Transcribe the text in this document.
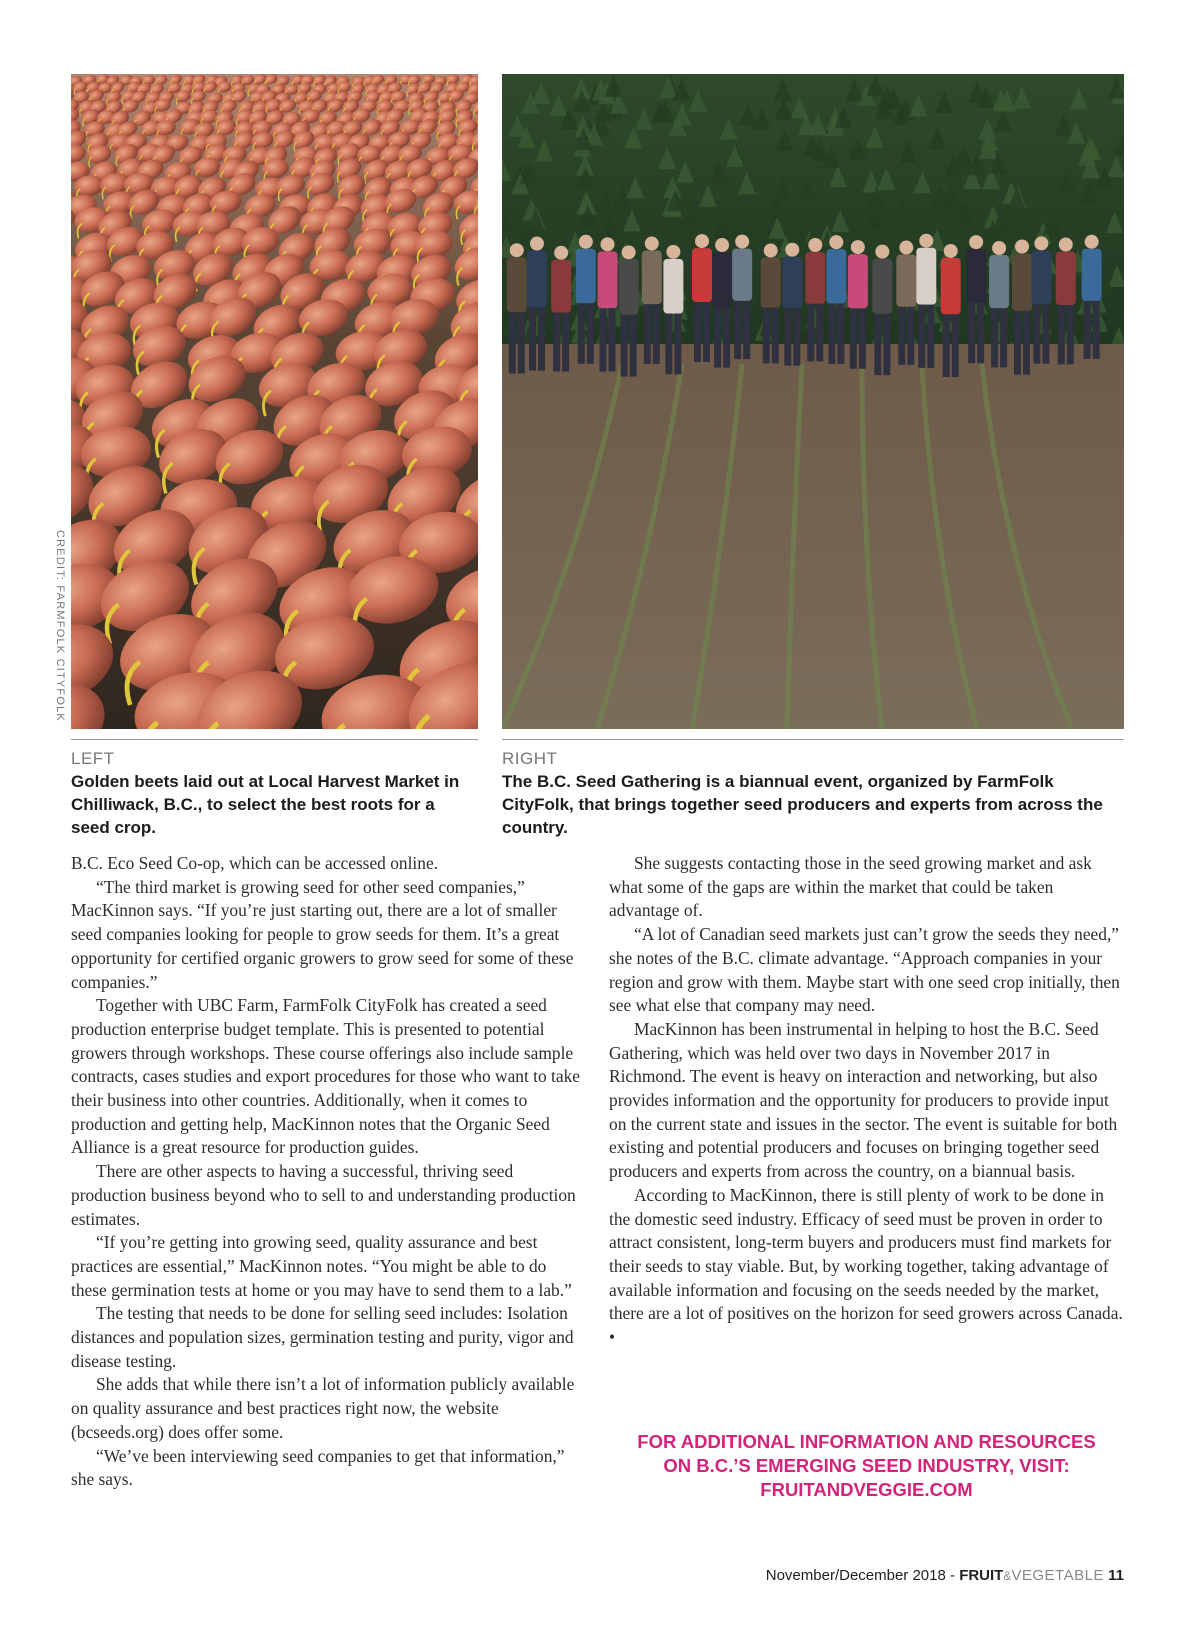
CREDIT: FARMFOLK CITYFOLK
LEFT
Golden beets laid out at Local Harvest Market in Chilliwack, B.C., to select the best roots for a seed crop.
RIGHT
The B.C. Seed Gathering is a biannual event, organized by FarmFolk CityFolk, that brings together seed producers and experts from across the country.

B.C. Eco Seed Co-op, which can be accessed online.

“The third market is growing seed for other seed companies,” MacKinnon says. “If you’re just starting out, there are a lot of smaller seed companies looking for people to grow seeds for them. It’s a great opportunity for certified organic growers to grow seed for some of these companies.”

Together with UBC Farm, FarmFolk CityFolk has created a seed production enterprise budget template. This is presented to potential growers through workshops. These course offerings also include sample contracts, cases studies and export procedures for those who want to take their business into other countries. Additionally, when it comes to production and getting help, MacKinnon notes that the Organic Seed Alliance is a great resource for production guides.

There are other aspects to having a successful, thriving seed production business beyond who to sell to and understanding production estimates.

“If you’re getting into growing seed, quality assurance and best practices are essential,” MacKinnon notes. “You might be able to do these germination tests at home or you may have to send them to a lab.”

The testing that needs to be done for selling seed includes: Isolation distances and population sizes, germination testing and purity, vigor and disease testing.

She adds that while there isn’t a lot of information publicly available on quality assurance and best practices right now, the website (bcseeds.org) does offer some.

“We’ve been interviewing seed companies to get that information,” she says.

She suggests contacting those in the seed growing market and ask what some of the gaps are within the market that could be taken advantage of.

“A lot of Canadian seed markets just can’t grow the seeds they need,” she notes of the B.C. climate advantage. “Approach companies in your region and grow with them. Maybe start with one seed crop initially, then see what else that company may need.

MacKinnon has been instrumental in helping to host the B.C. Seed Gathering, which was held over two days in November 2017 in Richmond. The event is heavy on interaction and networking, but also provides information and the opportunity for producers to provide input on the current state and issues in the sector. The event is suitable for both existing and potential producers and focuses on bringing together seed producers and experts from across the country, on a biannual basis.

According to MacKinnon, there is still plenty of work to be done in the domestic seed industry. Efficacy of seed must be proven in order to attract consistent, long-term buyers and producers must find markets for their seeds to stay viable. But, by working together, taking advantage of available information and focusing on the seeds needed by the market, there are a lot of positives on the horizon for seed growers across Canada. •

FOR ADDITIONAL INFORMATION AND RESOURCES
ON B.C.’S EMERGING SEED INDUSTRY, VISIT:
FRUITANDVEGGIE.COM
November/December 2018 - FRUIT&VEGETABLE 11
